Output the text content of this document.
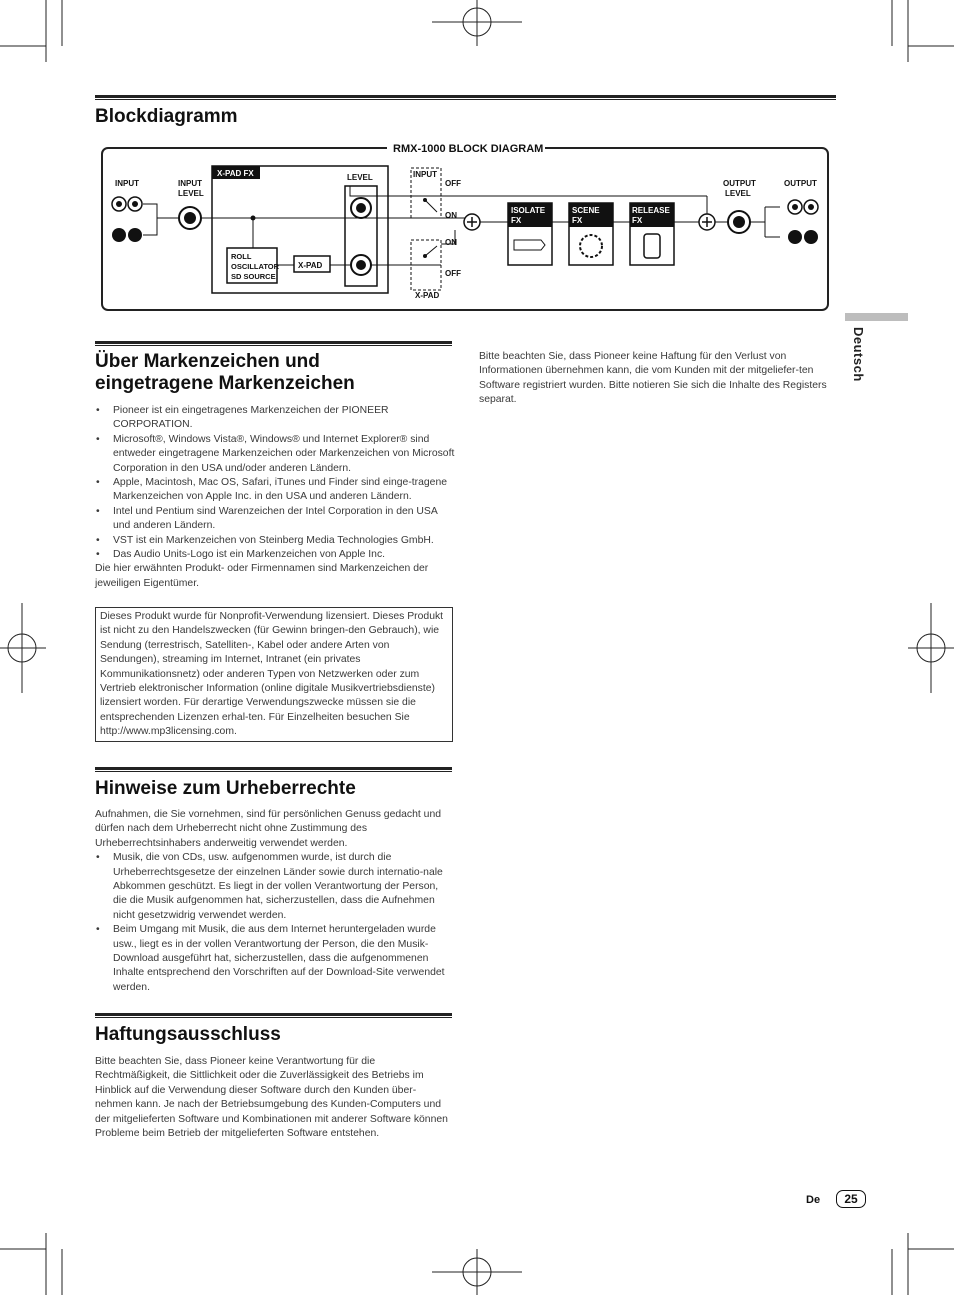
Blockdiagramm
RMX-1000 BLOCK DIAGRAM
INPUT	INPUT
LEVEL
X-PAD FX
ROLL
OSCILLATOR
SD SOURCE
X-PAD
LEVEL	INPUT
OFF
ON
ON
OFF
X-PAD
ISOLATE
FX
SCENE
FX
RELEASE
FX
OUTPUT
LEVEL
OUTPUT
Über Markenzeichen und
eingetragene Markenzeichen
• Pioneer ist ein eingetragenes Markenzeichen der PIONEER CORPORATION.
• Microsoft®, Windows Vista®, Windows® und Internet Explorer® sind entweder eingetragene Markenzeichen oder Markenzeichen von Microsoft Corporation in den USA und/oder anderen Ländern.
• Apple, Macintosh, Mac OS, Safari, iTunes und Finder sind einge-tragene Markenzeichen von Apple Inc. in den USA und anderen Ländern.
• Intel und Pentium sind Warenzeichen der Intel Corporation in den USA und anderen Ländern.
• VST ist ein Markenzeichen von Steinberg Media Technologies GmbH.
• Das Audio Units-Logo ist ein Markenzeichen von Apple Inc.

Die hier erwähnten Produkt- oder Firmennamen sind Markenzeichen der jeweiligen Eigentümer.

Dieses Produkt wurde für Nonprofit-Verwendung lizensiert. Dieses Produkt ist nicht zu den Handelszwecken (für Gewinn bringen-den Gebrauch), wie Sendung (terrestrisch, Satelliten-, Kabel oder andere Arten von Sendungen), streaming im Internet, Intranet (ein privates Kommunikationsnetz) oder anderen Typen von Netzwerken oder zum Vertrieb elektronischer Information (online digitale Musikvertriebsdienste) lizensiert worden. Für derartige Verwendungszwecke müssen sie die entsprechenden Lizenzen erhal-ten. Für Einzelheiten besuchen Sie http://www.mp3licensing.com.
Hinweise zum Urheberrechte

Aufnahmen, die Sie vornehmen, sind für persönlichen Genuss gedacht und dürfen nach dem Urheberrecht nicht ohne Zustimmung des Urheberrechtsinhabers anderweitig verwendet werden.

• Musik, die von CDs, usw. aufgenommen wurde, ist durch die Urheberrechtsgesetze der einzelnen Länder sowie durch internatio-nale Abkommen geschützt. Es liegt in der vollen Verantwortung der Person, die die Musik aufgenommen hat, sicherzustellen, dass die Aufnehmen nicht gesetzwidrig verwendet werden.
• Beim Umgang mit Musik, die aus dem Internet heruntergeladen wurde usw., liegt es in der vollen Verantwortung der Person, die den Musik-Download ausgeführt hat, sicherzustellen, dass die aufgenommenen Inhalte entsprechend den Vorschriften auf der Download-Site verwendet werden.
Haftungsausschluss

Bitte beachten Sie, dass Pioneer keine Verantwortung für die Rechtmäßigkeit, die Sittlichkeit oder die Zuverlässigkeit des Betriebs im Hinblick auf die Verwendung dieser Software durch den Kunden über-nehmen kann. Je nach der Betriebsumgebung des Kunden-Computers und der mitgelieferten Software und Kombinationen mit anderer Software können Probleme beim Betrieb der mitgelieferten Software entstehen.

Bitte beachten Sie, dass Pioneer keine Haftung für den Verlust von Informationen übernehmen kann, die vom Kunden mit der mitgeliefer-ten Software registriert wurden. Bitte notieren Sie sich die Inhalte des Registers separat.

Deutsch
De	25
